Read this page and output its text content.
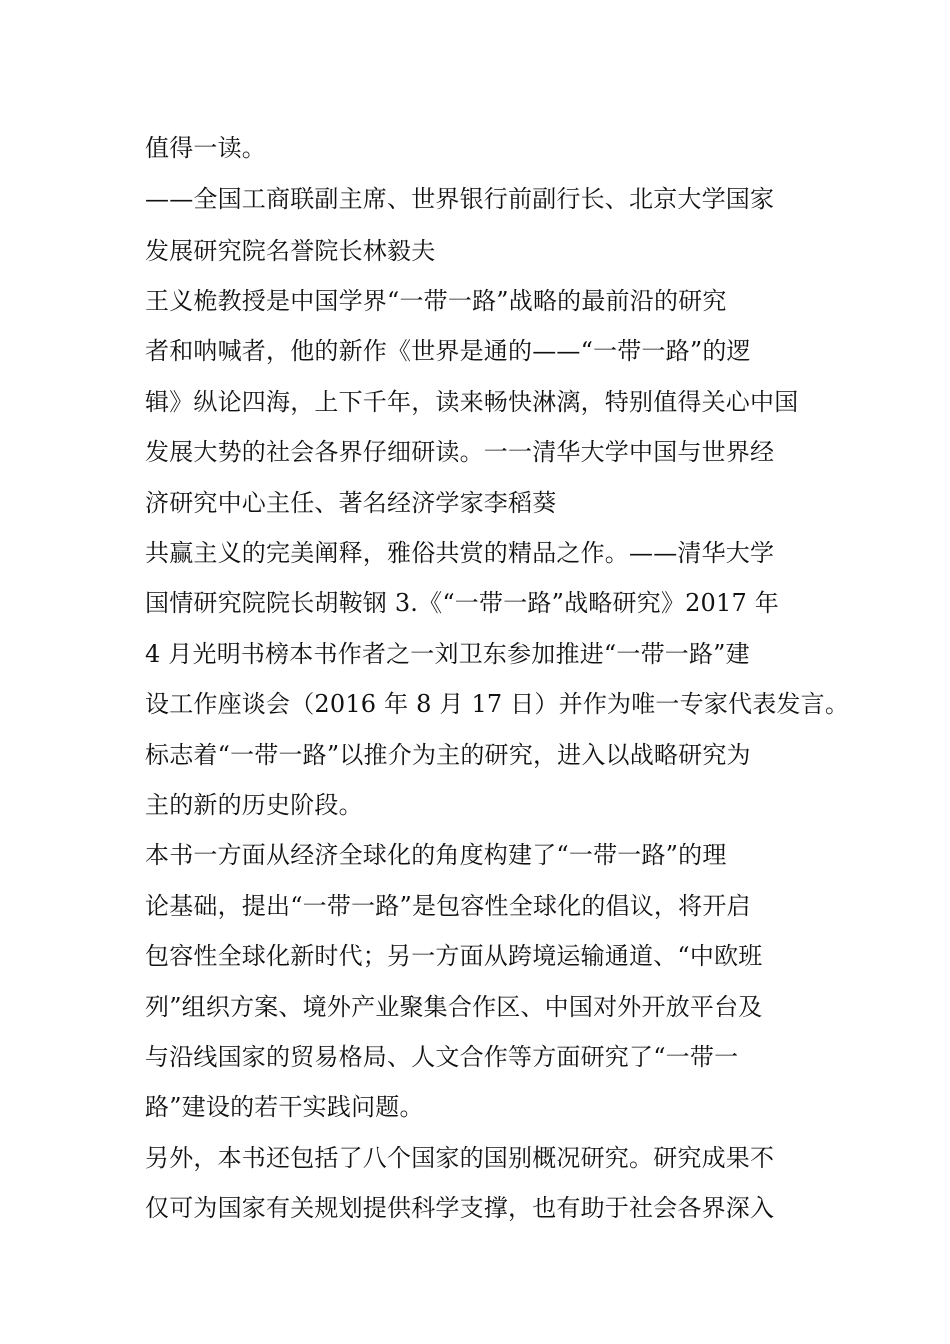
值得一读。
——全国工商联副主席、世界银行前副行长、北京大学国家
发展研究院名誉院长林毅夫
王义桅教授是中国学界“一带一路”战略的最前沿的研究
者和呐喊者，他的新作《世界是通的——“一带一路”的逻
辑》纵论四海，上下千年，读来畅快淋漓，特别值得关心中国
发展大势的社会各界仔细研读。一一清华大学中国与世界经
济研究中心主任、著名经济学家李稻葵
共赢主义的完美阐释，雅俗共赏的精品之作。——清华大学
国情研究院院长胡鞍钢 3.《“一带一路”战略研究》2017 年
4 月光明书榜本书作者之一刘卫东参加推进“一带一路”建
设工作座谈会（2016 年 8 月 17 日）并作为唯一专家代表发言。
标志着“一带一路”以推介为主的研究，进入以战略研究为
主的新的历史阶段。
本书一方面从经济全球化的角度构建了“一带一路”的理
论基础，提出“一带一路”是包容性全球化的倡议，将开启
包容性全球化新时代；另一方面从跨境运输通道、“中欧班
列”组织方案、境外产业聚集合作区、中国对外开放平台及
与沿线国家的贸易格局、人文合作等方面研究了“一带一
路”建设的若干实践问题。
另外，本书还包括了八个国家的国别概况研究。研究成果不
仅可为国家有关规划提供科学支撑，也有助于社会各界深入
